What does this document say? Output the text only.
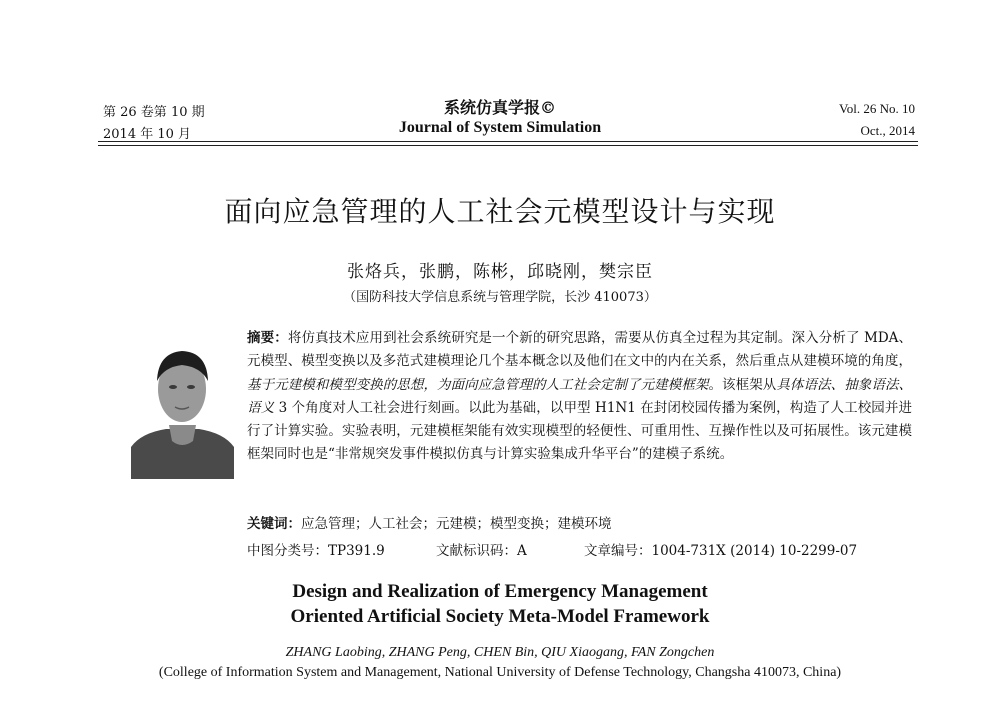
第 26 卷第 10 期
2014 年 10 月
系统仿真学报©
Journal of System Simulation
Vol. 26 No. 10
Oct., 2014
面向应急管理的人工社会元模型设计与实现
张烙兵，张鹏，陈彬，邱晓刚，樊宗臣
（国防科技大学信息系统与管理学院，长沙 410073）
摘要：将仿真技术应用到社会系统研究是一个新的研究思路，需要从仿真全过程为其定制。深入分析了 MDA、元模型、模型变换以及多范式建模理论几个基本概念以及他们在文中的内在关系，然后重点从建模环境的角度，基于元建模和模型变换的思想，为面向应急管理的人工社会定制了元建模框架。该框架从具体语法、抽象语法、语义 3 个角度对人工社会进行刻画。以此为基础，以甲型 H1N1 在封闭校园传播为案例，构造了人工校园并进行了计算实验。实验表明，元建模框架能有效实现模型的轻便性、可重用性、互操作性以及可拓展性。该元建模框架同时也是“非常规突发事件模拟仿真与计算实验集成升华平台”的建模子系统。
关键词：应急管理；人工社会；元建模；模型变换；建模环境
中图分类号：TP391.9	文献标识码：A	文章编号：1004-731X (2014) 10-2299-07
Design and Realization of Emergency Management
Oriented Artificial Society Meta-Model Framework
ZHANG Laobing, ZHANG Peng, CHEN Bin, QIU Xiaogang, FAN Zongchen
(College of Information System and Management, National University of Defense Technology, Changsha 410073, China)
